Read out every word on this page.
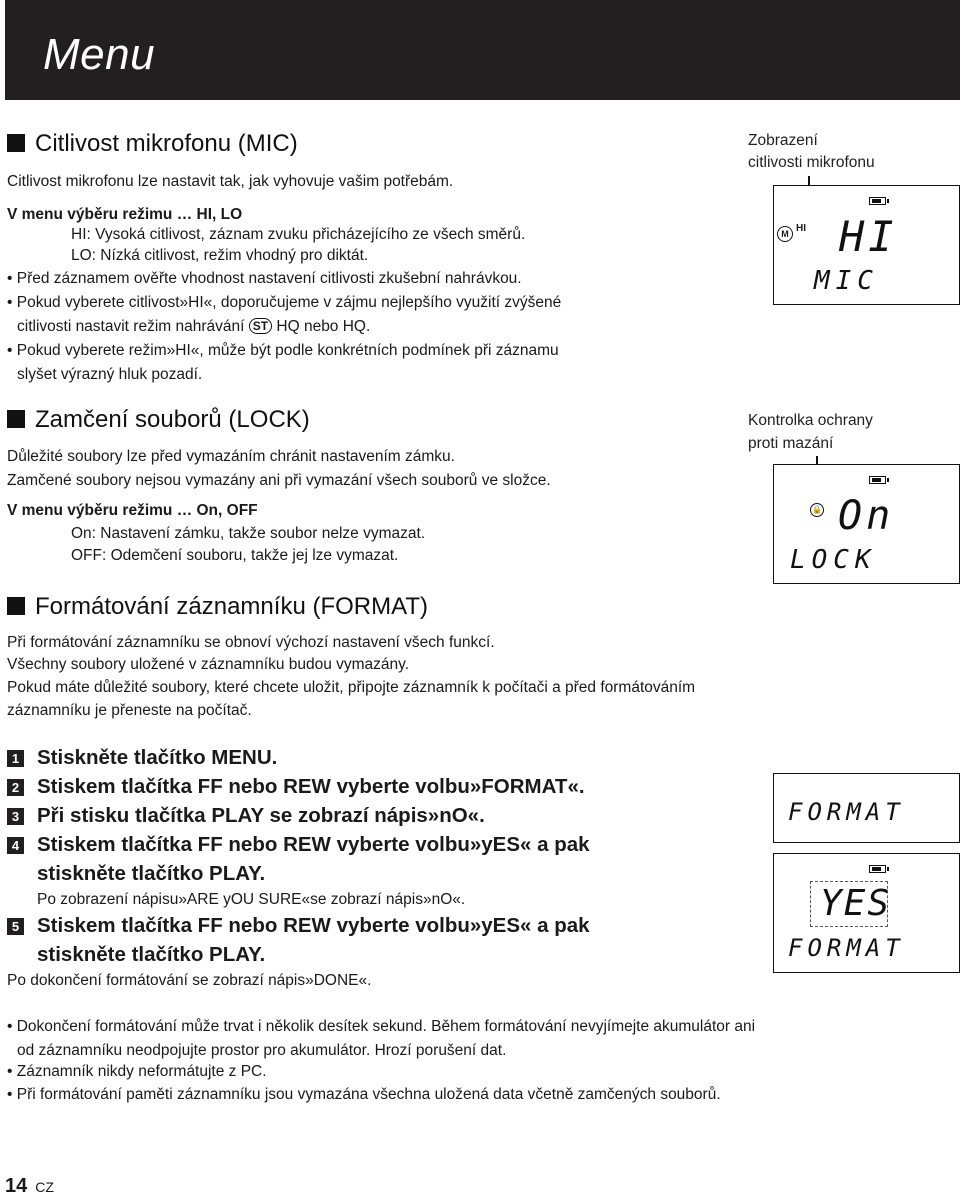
Menu
Citlivost mikrofonu (MIC)
Citlivost mikrofonu lze nastavit tak, jak vyhovuje vašim potřebám.
V menu výběru režimu … HI, LO
HI: Vysoká citlivost, záznam zvuku přicházejícího ze všech směrů.
LO: Nízká citlivost, režim vhodný pro diktát.
• Před záznamem ověřte vhodnost nastavení citlivosti zkušební nahrávkou.
• Pokud vyberete citlivost»HI«, doporučujeme v zájmu nejlepšího využití zvýšené
citlivosti nastavit režim nahrávání ST HQ nebo HQ.
• Pokud vyberete režim»HI«, může být podle konkrétních podmínek při záznamu
slyšet výrazný hluk pozadí.
Zobrazení
citlivosti mikrofonu
M HI HI
MIC
Zamčení souborů (LOCK)
Důležité soubory lze před vymazáním chránit nastavením zámku.
Zamčené soubory nejsou vymazány ani při vymazání všech souborů ve složce.
V menu výběru režimu … On, OFF
On: Nastavení zámku, takže soubor nelze vymazat.
OFF: Odemčení souboru, takže jej lze vymazat.
Kontrolka ochrany
proti mazání
🔒 On
LOCK
Formátování záznamníku (FORMAT)
Při formátování záznamníku se obnoví výchozí nastavení všech funkcí.
Všechny soubory uložené v záznamníku budou vymazány.
Pokud máte důležité soubory, které chcete uložit, připojte záznamník k počítači a před formátováním
záznamníku je přeneste na počítač.
1 Stiskněte tlačítko MENU.
2 Stiskem tlačítka FF nebo REW vyberte volbu»FORMAT«.
3 Při stisku tlačítka PLAY se zobrazí nápis»nO«.
4 Stiskem tlačítka FF nebo REW vyberte volbu»yES« a pak
stiskněte tlačítko PLAY.
Po zobrazení nápisu»ARE yOU SURE«se zobrazí nápis»nO«.
5 Stiskem tlačítka FF nebo REW vyberte volbu»yES« a pak
stiskněte tlačítko PLAY.
Po dokončení formátování se zobrazí nápis»DONE«.
FORMAT
YES
FORMAT
• Dokončení formátování může trvat i několik desítek sekund. Během formátování nevyjímejte akumulátor ani
od záznamníku neodpojujte prostor pro akumulátor. Hrozí porušení dat.
• Záznamník nikdy neformátujte z PC.
• Při formátování paměti záznamníku jsou vymazána všechna uložená data včetně zamčených souborů.
14 CZ
